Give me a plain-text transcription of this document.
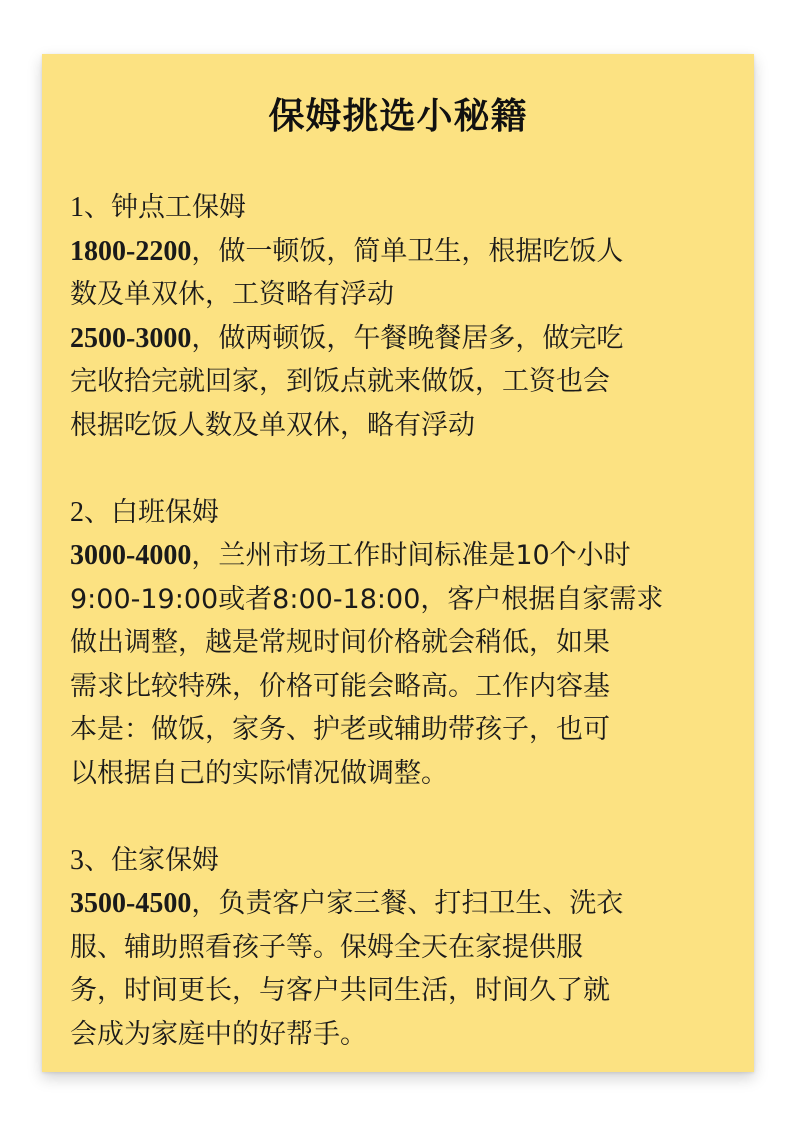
保姆挑选小秘籍
1、钟点工保姆
1800-2200，做一顿饭，简单卫生，根据吃饭人
数及单双休，工资略有浮动
2500-3000，做两顿饭，午餐晚餐居多，做完吃
完收拾完就回家，到饭点就来做饭，工资也会
根据吃饭人数及单双休，略有浮动
2、白班保姆
3000-4000，兰州市场工作时间标准是10个小时
9:00-19:00或者8:00-18:00，客户根据自家需求
做出调整，越是常规时间价格就会稍低，如果
需求比较特殊，价格可能会略高。工作内容基
本是：做饭，家务、护老或辅助带孩子，也可
以根据自己的实际情况做调整。
3、住家保姆
3500-4500，负责客户家三餐、打扫卫生、洗衣
服、辅助照看孩子等。保姆全天在家提供服
务，时间更长，与客户共同生活，时间久了就
会成为家庭中的好帮手。
